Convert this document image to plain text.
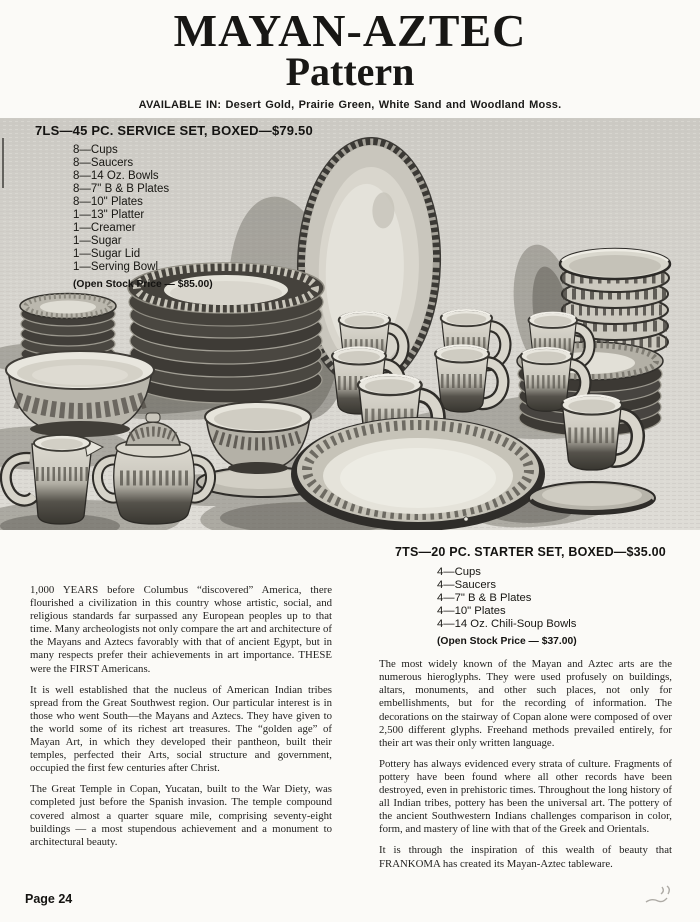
MAYAN-AZTEC
Pattern
AVAILABLE IN: Desert Gold, Prairie Green, White Sand and Woodland Moss.
7LS—45 PC. SERVICE SET, BOXED—$79.50
8—Cups
8—Saucers
8—14 Oz. Bowls
8—7" B & B Plates
8—10" Plates
1—13" Platter
1—Creamer
1—Sugar
1—Sugar Lid
1—Serving Bowl
(Open Stock Price — $85.00)

1,000 YEARS before Columbus “discovered” America, there flourished a civilization in this country whose artistic, social, and religious standards far surpassed any European peoples up to that time. Many archeologists not only compare the art and architecture of the Mayans and Aztecs favorably with that of ancient Egypt, but in many respects prefer their achievements in art importance. THESE were the FIRST Americans.

It is well established that the nucleus of American Indian tribes spread from the Great Southwest region. Our particular interest is in those who went South—the Mayans and Aztecs. They have given to the world some of its richest art treasures. The “golden age” of Mayan Art, in which they developed their pantheon, built their temples, perfected their Arts, social structure and government, occupied the first few centuries after Christ.

The Great Temple in Copan, Yucatan, built to the War Diety, was completed just before the Spanish invasion. The temple compound covered almost a quarter square mile, comprising seventy-eight buildings — a most stupendous achievement and a monument to architectural beauty.

7TS—20 PC. STARTER SET, BOXED—$35.00
4—Cups
4—Saucers
4—7" B & B Plates
4—10" Plates
4—14 Oz. Chili-Soup Bowls
(Open Stock Price — $37.00)

The most widely known of the Mayan and Aztec arts are the numerous hieroglyphs. They were used profusely on buildings, altars, monuments, and other such places, not only for embellishments, but for the recording of information. The decorations on the stairway of Copan alone were composed of over 2,500 different glyphs. Freehand methods prevailed entirely, for their art was their only written language.

Pottery has always evidenced every strata of culture. Fragments of pottery have been found where all other records have been destroyed, even in prehistoric times. Throughout the long history of all Indian tribes, pottery has been the universal art. The pottery of the ancient Southwestern Indians challenges comparison in color, form, and mastery of line with that of the Greek and Orientals.

It is through the inspiration of this wealth of beauty that FRANKOMA has created its Mayan-Aztec tableware.

Page 24
